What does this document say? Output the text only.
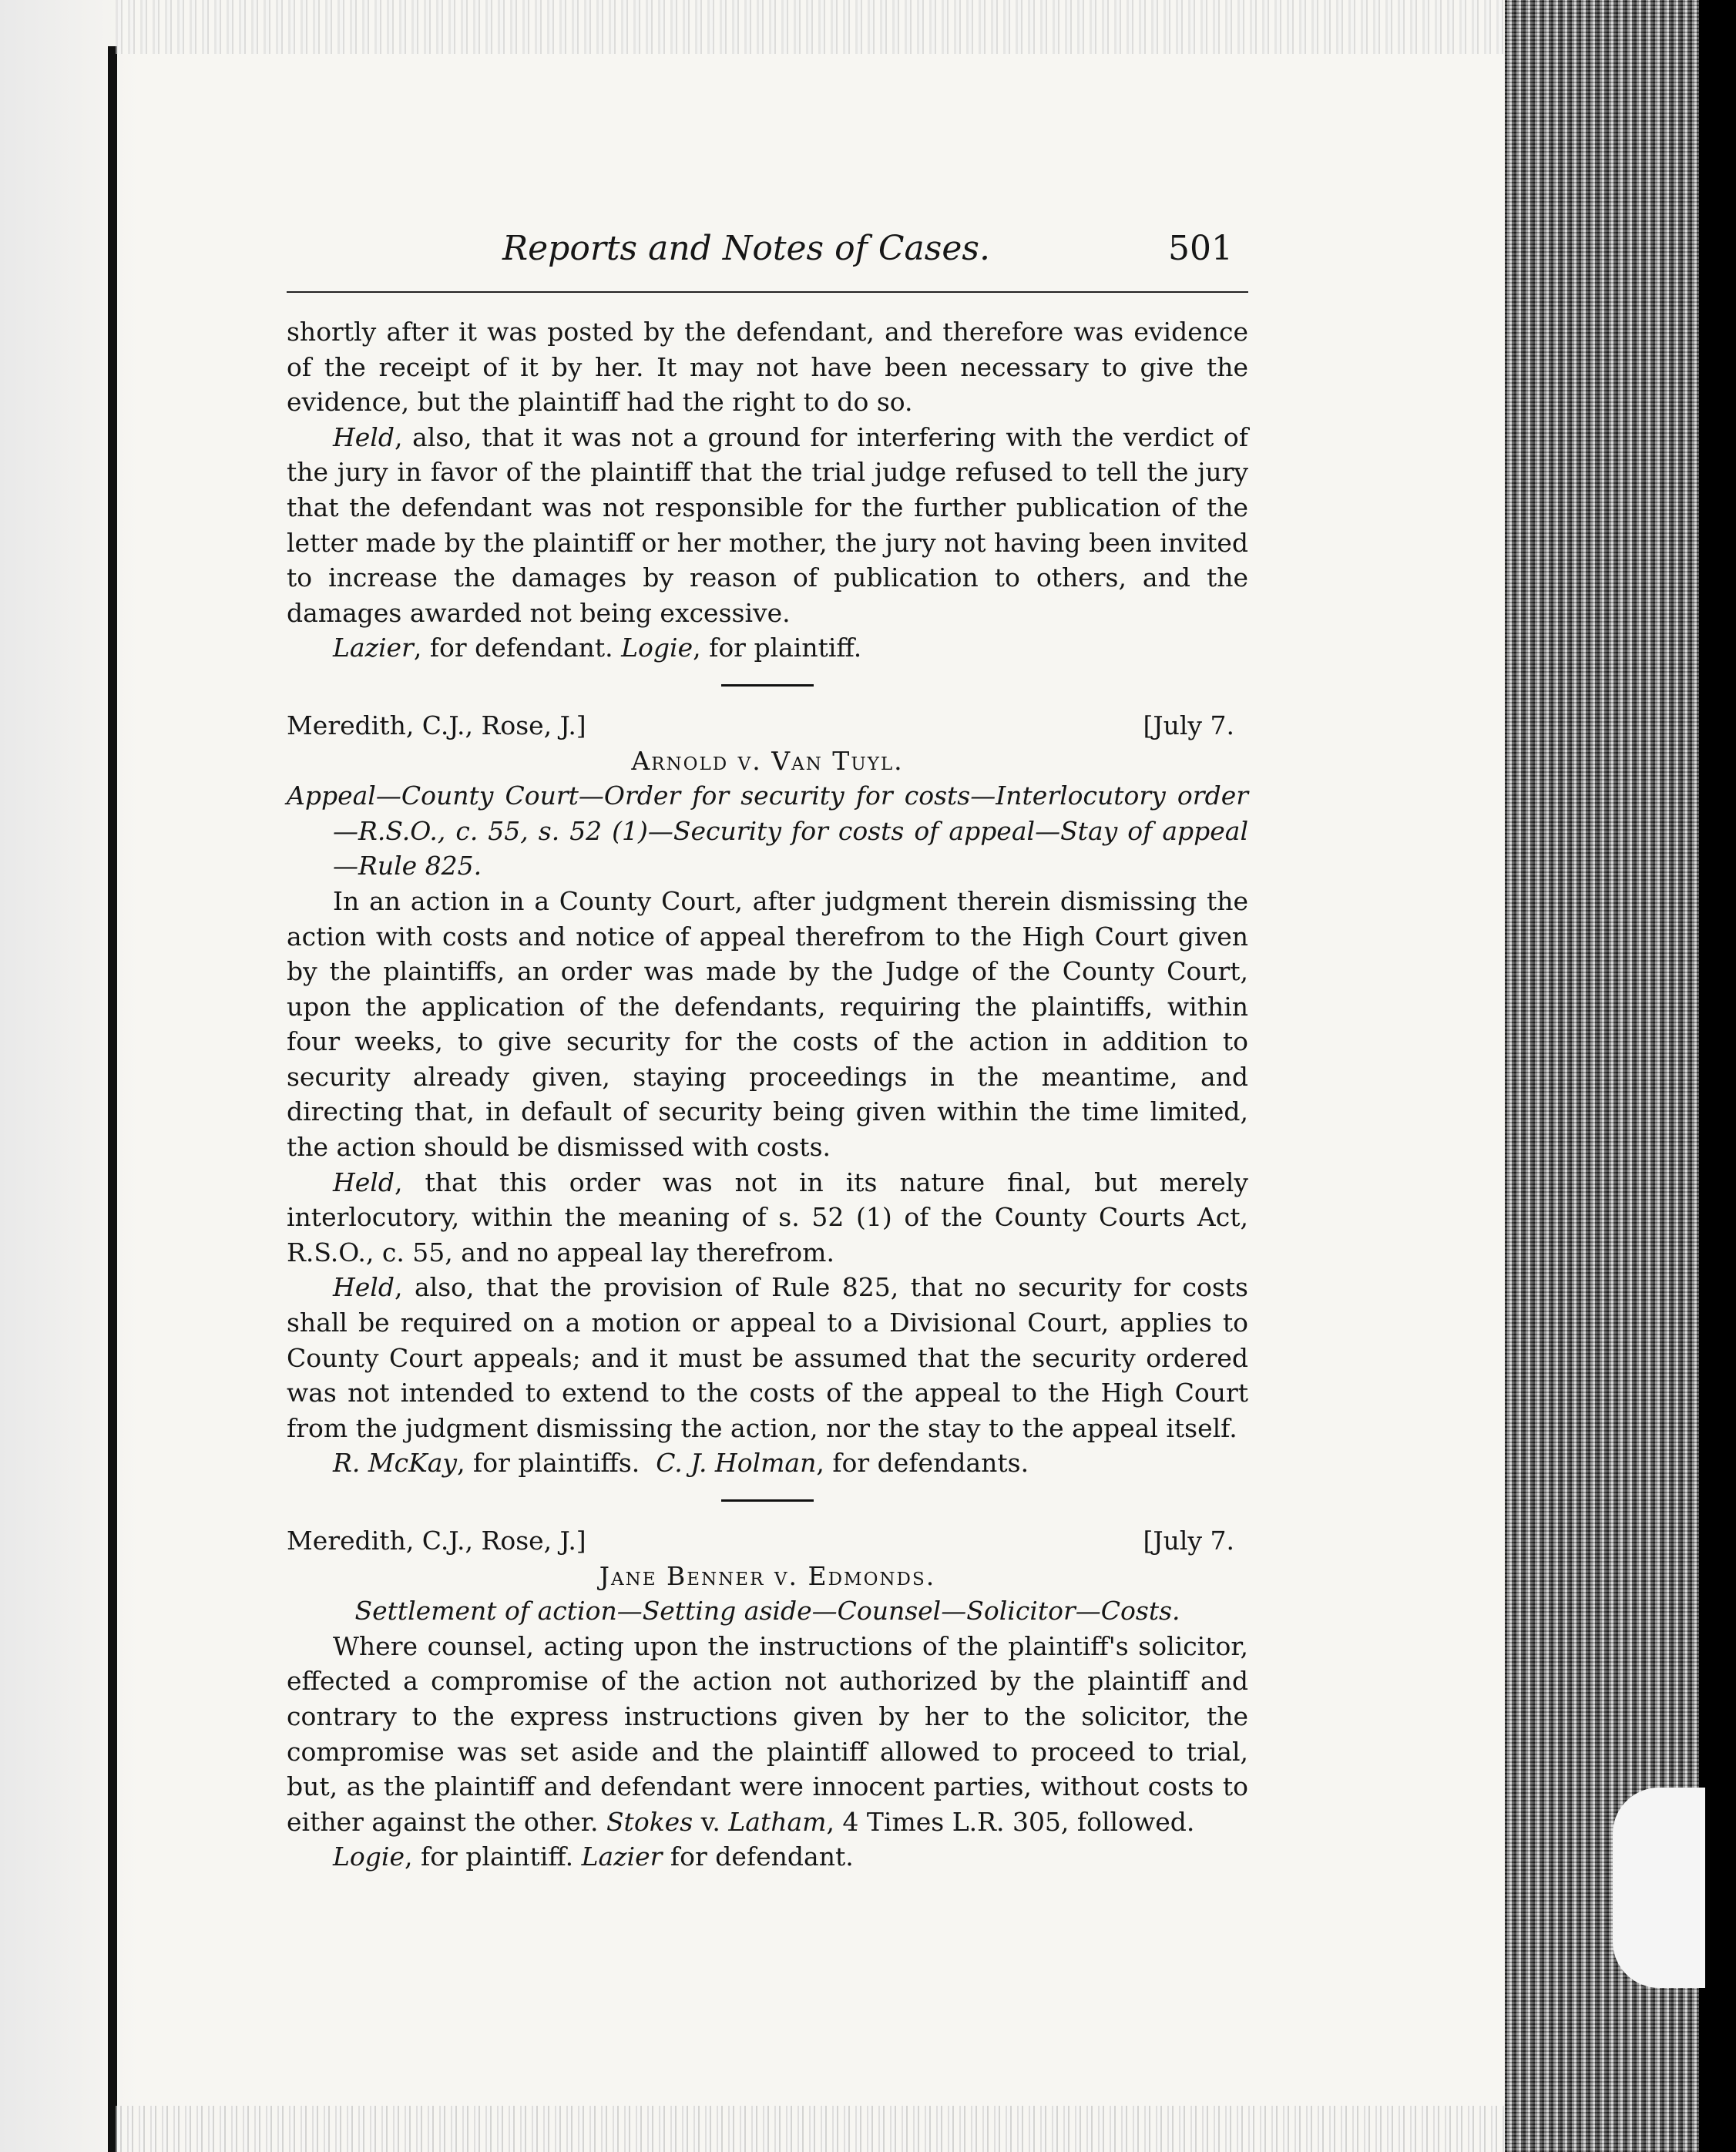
Reports and Notes of Cases.	501

shortly after it was posted by the defendant, and therefore was evidence of the receipt of it by her. It may not have been necessary to give the evidence, but the plaintiff had the right to do so.

Held, also, that it was not a ground for interfering with the verdict of the jury in favor of the plaintiff that the trial judge refused to tell the jury that the defendant was not responsible for the further publication of the letter made by the plaintiff or her mother, the jury not having been invited to increase the damages by reason of publication to others, and the damages awarded not being excessive.

Lazier, for defendant. Logie, for plaintiff.

Meredith, C.J., Rose, J.]	[July 7.

Arnold v. Van Tuyl.

Appeal—County Court—Order for security for costs—Interlocutory order—R.S.O., c. 55, s. 52 (1)—Security for costs of appeal—Stay of appeal—Rule 825.

In an action in a County Court, after judgment therein dismissing the action with costs and notice of appeal therefrom to the High Court given by the plaintiffs, an order was made by the Judge of the County Court, upon the application of the defendants, requiring the plaintiffs, within four weeks, to give security for the costs of the action in addition to security already given, staying proceedings in the meantime, and directing that, in default of security being given within the time limited, the action should be dismissed with costs.

Held, that this order was not in its nature final, but merely interlocutory, within the meaning of s. 52 (1) of the County Courts Act, R.S.O., c. 55, and no appeal lay therefrom.

Held, also, that the provision of Rule 825, that no security for costs shall be required on a motion or appeal to a Divisional Court, applies to County Court appeals; and it must be assumed that the security ordered was not intended to extend to the costs of the appeal to the High Court from the judgment dismissing the action, nor the stay to the appeal itself.

R. McKay, for plaintiffs. C. J. Holman, for defendants.

Meredith, C.J., Rose, J.]	[July 7.

Jane Benner v. Edmonds.

Settlement of action—Setting aside—Counsel—Solicitor—Costs.

Where counsel, acting upon the instructions of the plaintiff's solicitor, effected a compromise of the action not authorized by the plaintiff and contrary to the express instructions given by her to the solicitor, the compromise was set aside and the plaintiff allowed to proceed to trial, but, as the plaintiff and defendant were innocent parties, without costs to either against the other. Stokes v. Latham, 4 Times L.R. 305, followed.

Logie, for plaintiff. Lazier for defendant.
